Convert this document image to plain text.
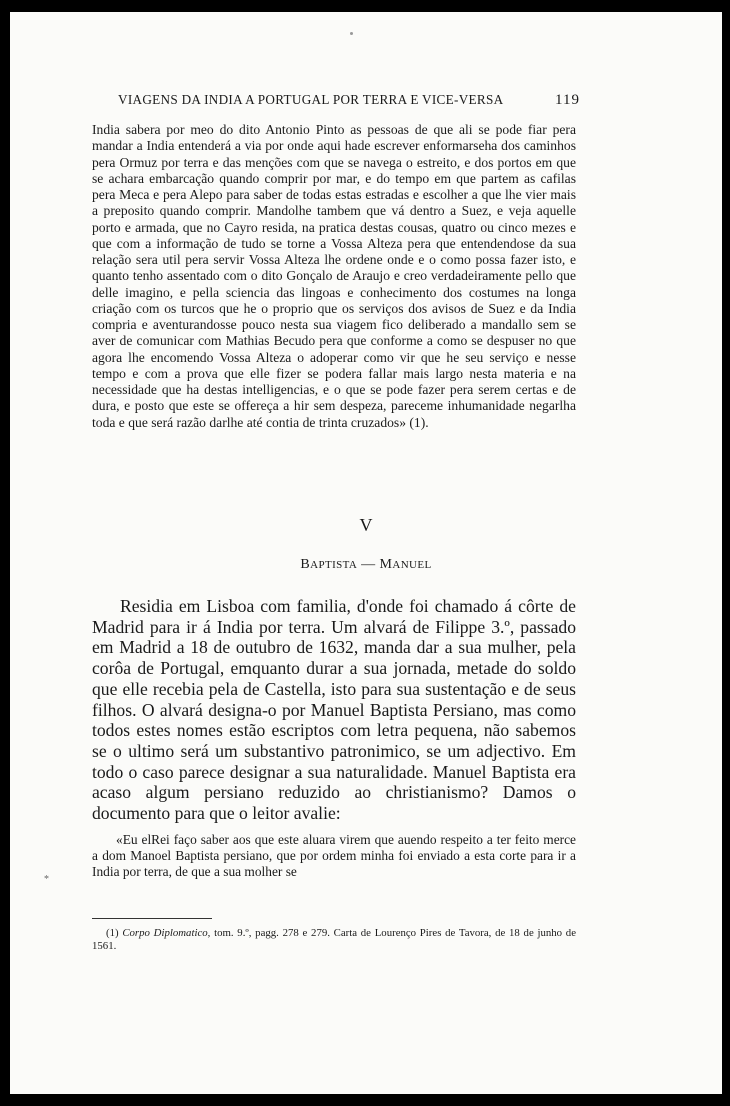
VIAGENS DA INDIA A PORTUGAL POR TERRA E VICE-VERSA	119

India sabera por meo do dito Antonio Pinto as pessoas de que ali se pode fiar pera mandar a India entenderá a via por onde aqui hade escrever enformarseha dos caminhos pera Ormuz por terra e das menções com que se navega o estreito, e dos portos em que se achara embarcação quando comprir por mar, e do tempo em que partem as cafilas pera Meca e pera Alepo para saber de todas estas estradas e escolher a que lhe vier mais a preposito quando comprir. Mandolhe tambem que vá dentro a Suez, e veja aquelle porto e armada, que no Cayro resida, na pratica destas cousas, quatro ou cinco mezes e que com a informação de tudo se torne a Vossa Alteza pera que entendendose da sua relação sera util pera servir Vossa Alteza lhe ordene onde e o como possa fazer isto, e quanto tenho assentado com o dito Gonçalo de Araujo e creo verdadeiramente pello que delle imagino, e pella sciencia das lingoas e conhecimento dos costumes na longa criação com os turcos que he o proprio que os serviços dos avisos de Suez e da India compria e aventurandosse pouco nesta sua viagem fico deliberado a mandallo sem se aver de comunicar com Mathias Becudo pera que conforme a como se despuser no que agora lhe encomendo Vossa Alteza o adoperar como vir que he seu serviço e nesse tempo e com a prova que elle fizer se podera fallar mais largo nesta materia e na necessidade que ha destas intelligencias, e o que se pode fazer pera serem certas e de dura, e posto que este se offereça a hir sem despeza, pareceme inhumanidade negarlha toda e que será razão darlhe até contia de trinta cruzados» (1).

V
BAPTISTA — MANUEL

Residia em Lisboa com familia, d'onde foi chamado á côrte de Madrid para ir á India por terra. Um alvará de Filippe 3.º, passado em Madrid a 18 de outubro de 1632, manda dar a sua mulher, pela corôa de Portugal, emquanto durar a sua jornada, metade do soldo que elle recebia pela de Castella, isto para sua sustentação e de seus filhos. O alvará designa-o por Manuel Baptista Persiano, mas como todos estes nomes estão escriptos com letra pequena, não sabemos se o ultimo será um substantivo patronimico, se um adjectivo. Em todo o caso parece designar a sua naturalidade. Manuel Baptista era acaso algum persiano reduzido ao christianismo? Damos o documento para que o leitor avalie:

«Eu elRei faço saber aos que este aluara virem que auendo respeito a ter feito merce a dom Manoel Baptista persiano, que por ordem minha foi enviado a esta corte para ir a India por terra, de que a sua molher se

*

(1) Corpo Diplomatico, tom. 9.º, pagg. 278 e 279. Carta de Lourenço Pires de Tavora, de 18 de junho de 1561.
